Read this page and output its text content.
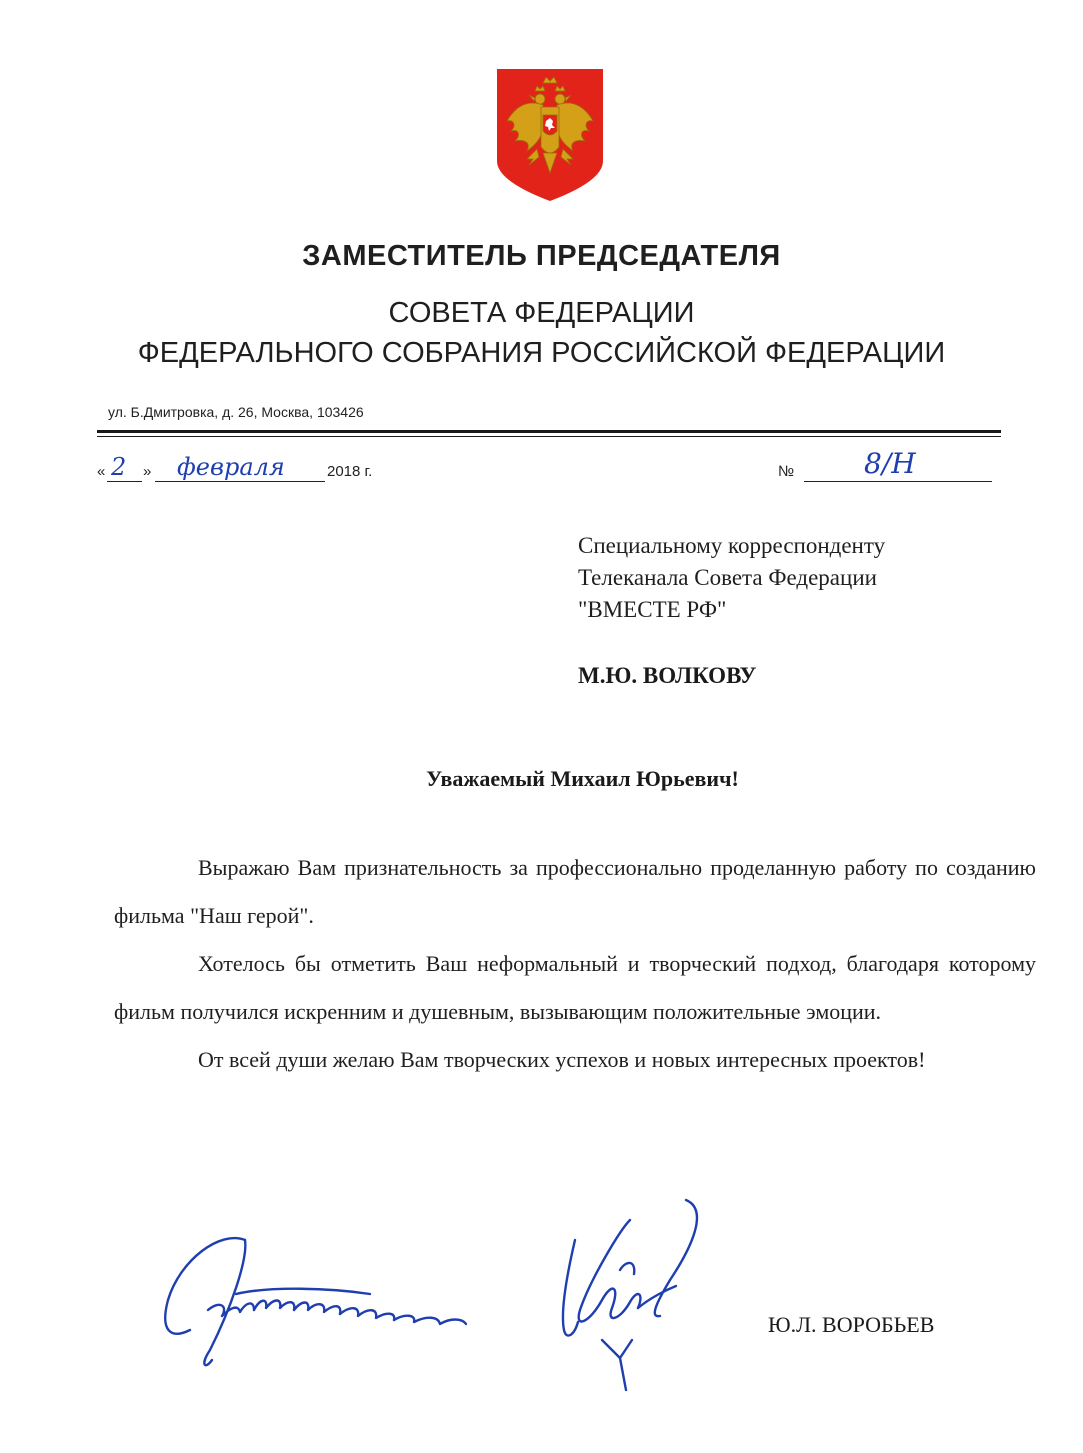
ЗАМЕСТИТЕЛЬ ПРЕДСЕДАТЕЛЯ
СОВЕТА ФЕДЕРАЦИИ
ФЕДЕРАЛЬНОГО СОБРАНИЯ РОССИЙСКОЙ ФЕДЕРАЦИИ
ул. Б.Дмитровка, д. 26, Москва, 103426
« 2 » февраля	2018 г.	№ 8/Н
Специальному корреспонденту
Телеканала Совета Федерации
"ВМЕСТЕ РФ"
М.Ю. ВОЛКОВУ
Уважаемый Михаил Юрьевич!

Выражаю Вам признательность за профессионально проделанную работу по созданию фильма "Наш герой".

Хотелось бы отметить Ваш неформальный и творческий подход, благодаря которому фильм получился искренним и душевным, вызывающим положительные эмоции.

От всей души желаю Вам творческих успехов и новых интересных проектов!

Ю.Л. ВОРОБЬЕВ
